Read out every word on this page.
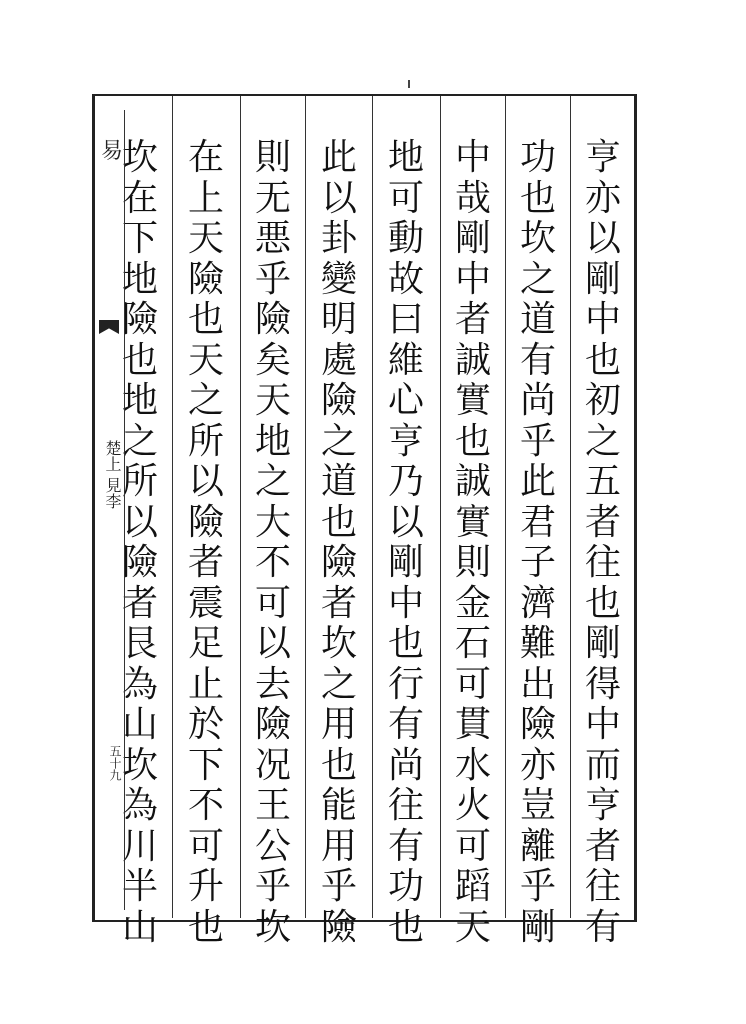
亨
亦
以
剛
中
也
初
之
五
者
往
也
剛
得
中
而
亨
者
往
有
功
也
坎
之
道
有
尚
乎
此
君
子
濟
難
出
險
亦
豈
離
乎
剛
中
哉
剛
中
者
誠
實
也
誠
實
則
金
石
可
貫
水
火
可
蹈
天
地
可
動
故
曰
維
心
亨
乃
以
剛
中
也
行
有
尚
往
有
功
也
此
以
卦
變
明
處
險
之
道
也
險
者
坎
之
用
也
能
用
乎
險
則
无
悪
乎
險
矣
天
地
之
大
不
可
以
去
險
况
王
公
乎
坎
在
上
天
險
也
天
之
所
以
險
者
震
足
止
於
下
不
可
升
也
坎
在
下
地
險
也
地
之
所
以
險
者
艮
為
山
坎
為
川
半
山
易
楚上 見李
五十九
